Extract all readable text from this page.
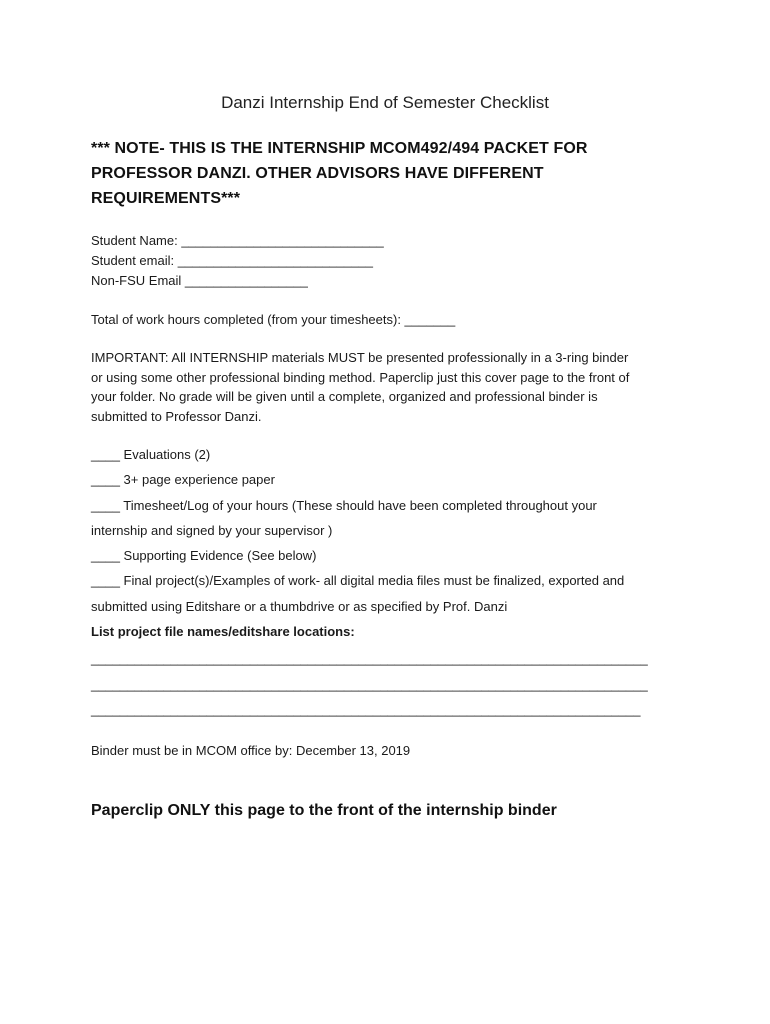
Danzi Internship End of Semester Checklist
*** NOTE- THIS IS THE INTERNSHIP MCOM492/494 PACKET FOR
PROFESSOR DANZI. OTHER ADVISORS HAVE DIFFERENT
REQUIREMENTS***
Student Name: ____________________________
Student email: ___________________________
Non-FSU Email _________________
Total of work hours completed (from your timesheets): _______
IMPORTANT: All INTERNSHIP materials MUST be presented professionally in a 3-ring binder
or using some other professional binding method. Paperclip just this cover page to the front of
your folder. No grade will be given until a complete, organized and professional binder is
submitted to Professor Danzi.
____ Evaluations (2)
____ 3+ page experience paper
____ Timesheet/Log of your hours (These should have been completed throughout your
internship and signed by your supervisor )
____ Supporting Evidence (See below)
____ Final project(s)/Examples of work- all digital media files must be finalized, exported and
submitted using Editshare or a thumbdrive or as specified by Prof. Danzi
List project file names/editshare locations:
_____________________________________________________________________________
_____________________________________________________________________________
____________________________________________________________________________
Binder must be in MCOM office by: December 13, 2019
Paperclip ONLY this page to the front of the internship binder
